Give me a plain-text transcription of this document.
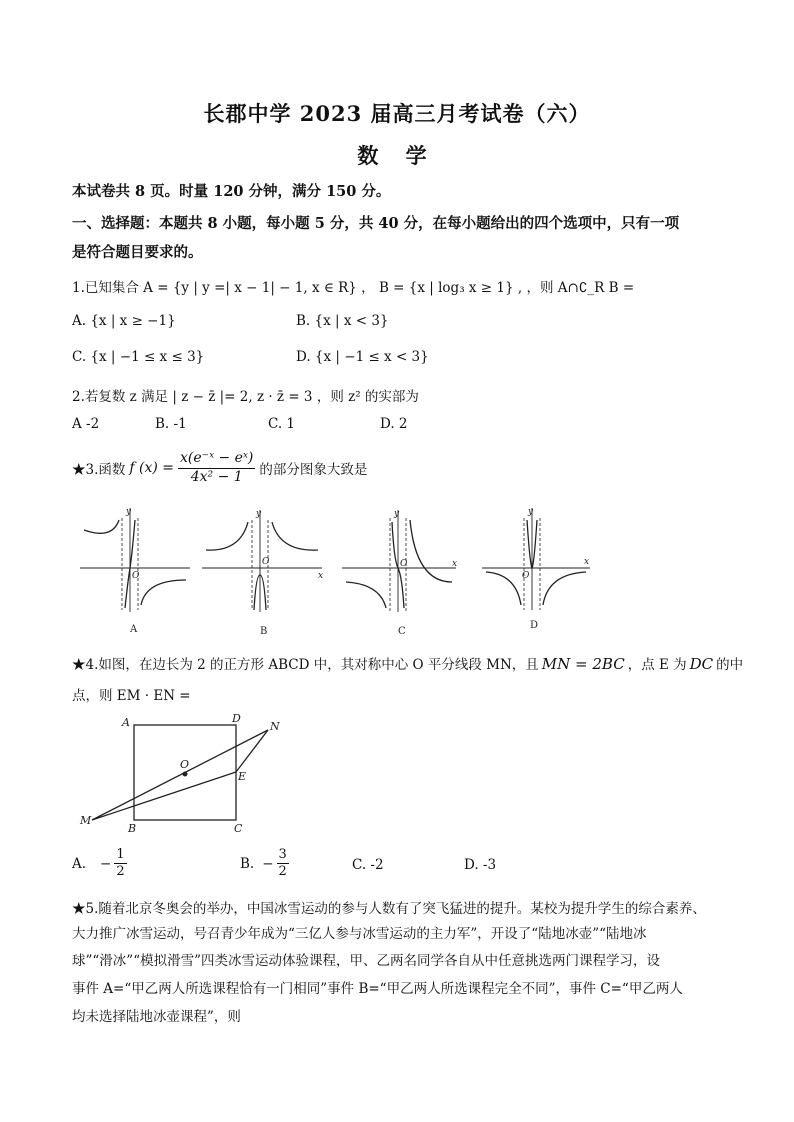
长郡中学 2023 届高三月考试卷（六）
数 学
本试卷共 8 页。时量 120 分钟，满分 150 分。
一、选择题：本题共 8 小题，每小题 5 分，共 40 分，在每小题给出的四个选项中，只有一项
是符合题目要求的。
1.已知集合 A = {y | y =| x − 1| − 1, x ∈ R} ， B = {x | log₃ x ≥ 1} , ，则 A∩∁_R B =
A. {x | x ≥ −1}	B. {x | x < 3}
C. {x | −1 ≤ x ≤ 3}	D. {x | −1 ≤ x < 3}
2.若复数 z 满足 | z − z̄ |= 2, z · z̄ = 3 ，则 z² 的实部为
A -2	B. -1	C. 1	D. 2
★3.函数 f $(x) = \frac{\text{x(e⁻ˣ − eˣ)}}{\text{4x² − 1}}$ 的部分图象大致是
y
O
y
O
x
y
O	x
y
O
x
A	B	C
D
★4.如图，在边长为 2 的正方形 ABCD 中，其对称中心 O 平分线段 MN，且 MN = 2BC ，点 E 为 DC 的中
点，则 EM · EN =
A	D
N
O
E
M
B	C
A. − $\frac{1}{2}$	B. − $\frac{3}{2}$	C. -2	D. -3
★5.随着北京冬奥会的举办，中国冰雪运动的参与人数有了突飞猛进的提升。某校为提升学生的综合素养、
大力推广冰雪运动，号召青少年成为“三亿人参与冰雪运动的主力军”，开设了“陆地冰壶”“陆地冰
球”“滑冰”“模拟滑雪”四类冰雪运动体验课程，甲、乙两名同学各自从中任意挑选两门课程学习，设
事件 A=“甲乙两人所选课程恰有一门相同”事件 B=“甲乙两人所选课程完全不同”，事件 C=“甲乙两人
均未选择陆地冰壶课程”，则
